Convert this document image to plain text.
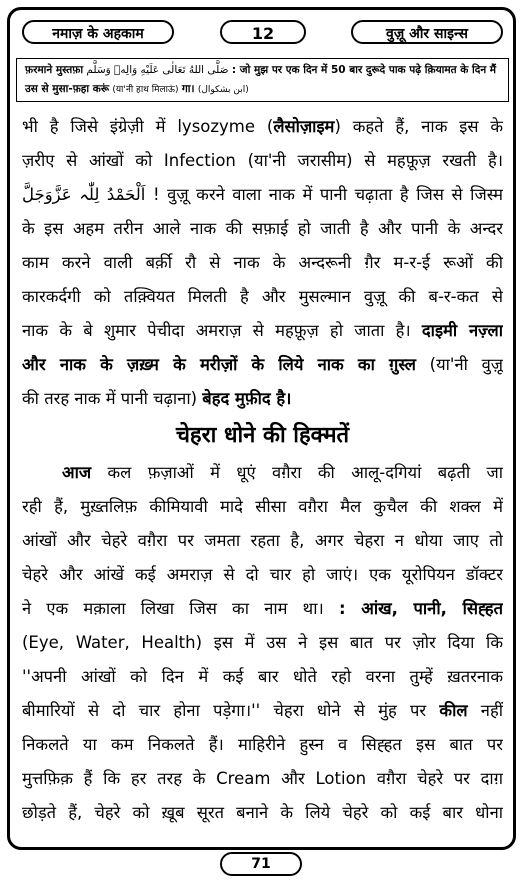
नमाज़ के अहकाम	12	वुज़ू और साइन्स
फ़रमाने मुस्तफ़ा صَلَّى اللهُ تَعَالٰى عَلَيْهِ وَالِهٖ وَسَلَّم : जो मुझ पर एक दिन में 50 बार दुरूदे पाक पढ़े क़ियामत के दिन मैं
उस से मुसा-फ़हा करूं (या'नी हाथ मिलाऊं) गा। (ابن بشكوال)
भी है जिसे इंग्रेज़ी में lysozyme (लैसोज़ाइम) कहते हैं, नाक इस के
ज़रीए से आंखों को Infection (या'नी जरासीम) से महफ़ूज़ रखती है।
اَلْحَمْدُ لِلّٰہ عَزَّوَجَلَّ ! वुज़ू करने वाला नाक में पानी चढ़ाता है जिस से जिस्म
के इस अहम तरीन आले नाक की सफ़ाई हो जाती है और पानी के अन्दर
काम करने वाली बर्क़ी रौ से नाक के अन्दरूनी ग़ैर म-र-ई रूओं की
कारकर्दगी को तक़्वियत मिलती है और मुसल्मान वुज़ू की ब-र-कत से
नाक के बे शुमार पेचीदा अमराज़ से महफ़ूज़ हो जाता है। दाइमी नज़्ला
और नाक के ज़ख़्म के मरीज़ों के लिये नाक का ग़ुस्ल (या'नी वुज़ू
की तरह नाक में पानी चढ़ाना) बेहद मुफ़ीद है।
चेहरा धोने की हिक्मतें
आज कल फ़ज़ाओं में धूएं वग़ैरा की आलू-दगियां बढ़ती जा
रही हैं, मुख़्तलिफ़ कीमियावी मादे सीसा वग़ैरा मैल कुचैल की शक्ल में
आंखों और चेहरे वग़ैरा पर जमता रहता है, अगर चेहरा न धोया जाए तो
चेहरे और आंखें कई अमराज़ से दो चार हो जाएं। एक यूरोपियन डॉक्टर
ने एक मक़ाला लिखा जिस का नाम था। : आंख, पानी, सिह्हत
(Eye, Water, Health) इस में उस ने इस बात पर ज़ोर दिया कि
''अपनी आंखों को दिन में कई बार धोते रहो वरना तुम्हें ख़तरनाक
बीमारियों से दो चार होना पड़ेगा।'' चेहरा धोने से मुंह पर कील नहीं
निकलते या कम निकलते हैं। माहिरीने हुस्न व सिह्हत इस बात पर
मुत्तफ़िक़ हैं कि हर तरह के Cream और Lotion वग़ैरा चेहरे पर दाग़
छोड़ते हैं, चेहरे को ख़ूब सूरत बनाने के लिये चेहरे को कई बार धोना
71
